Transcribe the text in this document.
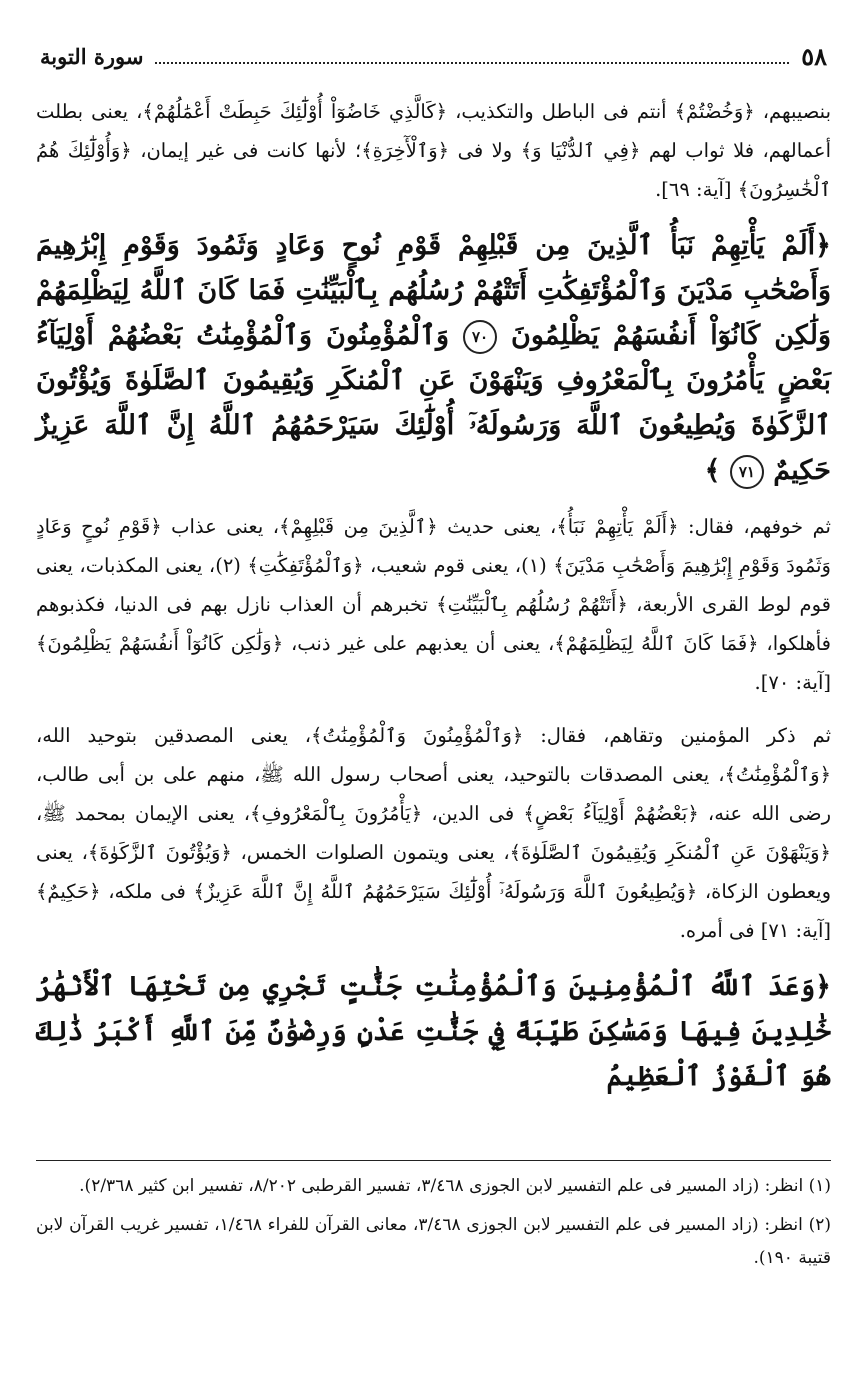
٥٨
سورة التوبة

بنصيبهم، ﴿وَخُضْتُمْ﴾ أنتم فى الباطل والتكذيب، ﴿كَالَّذِي خَاضُوٓاْ أُوْلَٰٓئِكَ حَبِطَتْ أَعْمَٰلُهُمْ﴾، يعنى بطلت أعمالهم، فلا ثواب لهم ﴿فِي ٱلدُّنْيَا وَ﴾ ولا فى ﴿وَٱلْأٓخِرَةِ﴾؛ لأنها كانت فى غير إيمان، ﴿وَأُوْلَٰٓئِكَ هُمُ ٱلْخَٰسِرُونَ﴾ [آية: ٦٩].

﴿أَلَمْ يَأْتِهِمْ نَبَأُ ٱلَّذِينَ مِن قَبْلِهِمْ قَوْمِ نُوحٍ وَعَادٍ وَثَمُودَ وَقَوْمِ إِبْرَٰهِيمَ وَأَصْحَٰبِ مَدْيَنَ وَٱلْمُؤْتَفِكَٰتِ أَتَتْهُمْ رُسُلُهُم بِٱلْبَيِّنَٰتِ فَمَا كَانَ ٱللَّهُ لِيَظْلِمَهُمْ وَلَٰكِن كَانُوٓاْ أَنفُسَهُمْ يَظْلِمُونَ ٧٠ وَٱلْمُؤْمِنُونَ وَٱلْمُؤْمِنَٰتُ بَعْضُهُمْ أَوْلِيَآءُ بَعْضٍ يَأْمُرُونَ بِٱلْمَعْرُوفِ وَيَنْهَوْنَ عَنِ ٱلْمُنكَرِ وَيُقِيمُونَ ٱلصَّلَوٰةَ وَيُؤْتُونَ ٱلزَّكَوٰةَ وَيُطِيعُونَ ٱللَّهَ وَرَسُولَهُۥٓ أُوْلَٰٓئِكَ سَيَرْحَمُهُمُ ٱللَّهُ إِنَّ ٱللَّهَ عَزِيزٌ حَكِيمٌ ٧١ ﴾

ثم خوفهم، فقال: ﴿أَلَمْ يَأْتِهِمْ نَبَأُ﴾، يعنى حديث ﴿ٱلَّذِينَ مِن قَبْلِهِمْ﴾، يعنى عذاب ﴿قَوْمِ نُوحٍ وَعَادٍ وَثَمُودَ وَقَوْمِ إِبْرَٰهِيمَ وَأَصْحَٰبِ مَدْيَنَ﴾ (١)، يعنى قوم شعيب، ﴿وَٱلْمُؤْتَفِكَٰتِ﴾ (٢)، يعنى المكذبات، يعنى قوم لوط القرى الأربعة، ﴿أَتَتْهُمْ رُسُلُهُم بِٱلْبَيِّنَٰتِ﴾ تخبرهم أن العذاب نازل بهم فى الدنيا، فكذبوهم فأهلكوا، ﴿فَمَا كَانَ ٱللَّهُ لِيَظْلِمَهُمْ﴾، يعنى أن يعذبهم على غير ذنب، ﴿وَلَٰكِن كَانُوٓاْ أَنفُسَهُمْ يَظْلِمُونَ﴾ [آية: ٧٠].

ثم ذكر المؤمنين وتقاهم، فقال: ﴿وَٱلْمُؤْمِنُونَ وَٱلْمُؤْمِنَٰتُ﴾، يعنى المصدقين بتوحيد الله، ﴿وَٱلْمُؤْمِنَٰتُ﴾، يعنى المصدقات بالتوحيد، يعنى أصحاب رسول الله ﷺ، منهم على بن أبى طالب، رضى الله عنه، ﴿بَعْضُهُمْ أَوْلِيَآءُ بَعْضٍ﴾ فى الدين، ﴿يَأْمُرُونَ بِٱلْمَعْرُوفِ﴾، يعنى الإيمان بمحمد ﷺ، ﴿وَيَنْهَوْنَ عَنِ ٱلْمُنكَرِ وَيُقِيمُونَ ٱلصَّلَوٰةَ﴾، يعنى ويتمون الصلوات الخمس، ﴿وَيُؤْتُونَ ٱلزَّكَوٰةَ﴾، يعنى ويعطون الزكاة، ﴿وَيُطِيعُونَ ٱللَّهَ وَرَسُولَهُۥٓ أُوْلَٰٓئِكَ سَيَرْحَمُهُمُ ٱللَّهُ إِنَّ ٱللَّهَ عَزِيزٌ﴾ فى ملكه، ﴿حَكِيمٌ﴾ [آية: ٧١] فى أمره.

﴿وَعَدَ ٱللَّهُ ٱلْمُؤْمِنِينَ وَٱلْمُؤْمِنَٰتِ جَنَّٰتٍ تَجْرِي مِن تَحْتِهَا ٱلْأَنْهَٰرُ خَٰلِدِينَ فِيهَا وَمَسَٰكِنَ طَيِّبَةً فِي جَنَّٰتِ عَدْنٍ وَرِضْوَٰنٌ مِّنَ ٱللَّهِ أَكْبَرُ ذَٰلِكَ هُوَ ٱلْفَوْزُ ٱلْعَظِيمُ

(١) انظر: (زاد المسير فى علم التفسير لابن الجوزى ٣/٤٦٨، تفسير القرطبى ٨/٢٠٢، تفسير ابن كثير ٢/٣٦٨).

(٢) انظر: (زاد المسير فى علم التفسير لابن الجوزى ٣/٤٦٨، معانى القرآن للفراء ١/٤٦٨، تفسير غريب القرآن لابن قتيبة ١٩٠).
